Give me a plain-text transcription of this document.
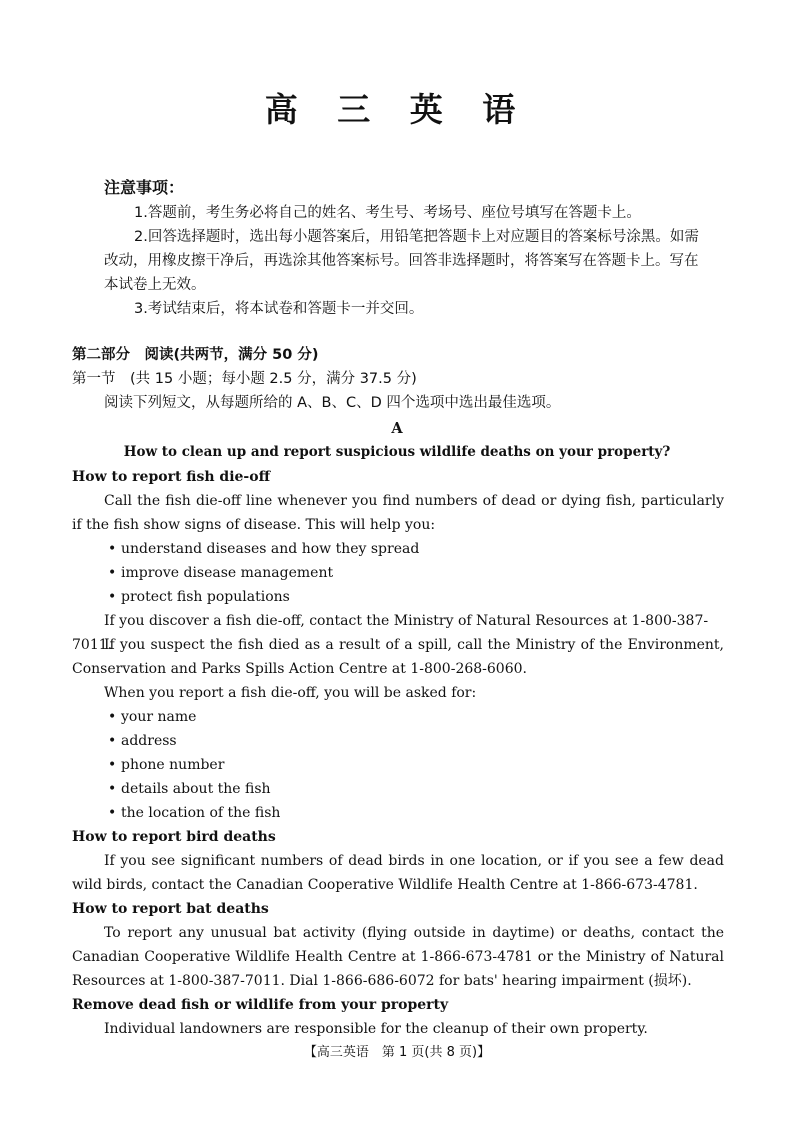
高 三 英 语
注意事项：

1.答题前，考生务必将自己的姓名、考生号、考场号、座位号填写在答题卡上。

2.回答选择题时，选出每小题答案后，用铅笔把答题卡上对应题目的答案标号涂黑。如需改动，用橡皮擦干净后，再选涂其他答案标号。回答非选择题时，将答案写在答题卡上。写在本试卷上无效。

3.考试结束后，将本试卷和答题卡一并交回。

第二部分　阅读(共两节，满分 50 分)
第一节　(共 15 小题；每小题 2.5 分，满分 37.5 分)
阅读下列短文，从每题所给的 A、B、C、D 四个选项中选出最佳选项。
A
How to clean up and report suspicious wildlife deaths on your property?
How to report fish die-off
Call the fish die-off line whenever you find numbers of dead or dying fish, particularly if the fish show signs of disease. This will help you:
• understand diseases and how they spread
• improve disease management
• protect fish populations
If you discover a fish die-off, contact the Ministry of Natural Resources at 1-800-387-7011.
If you suspect the fish died as a result of a spill, call the Ministry of the Environment, Conservation and Parks Spills Action Centre at 1-800-268-6060.
When you report a fish die-off, you will be asked for:
• your name
• address
• phone number
• details about the fish
• the location of the fish
How to report bird deaths
If you see significant numbers of dead birds in one location, or if you see a few dead wild birds, contact the Canadian Cooperative Wildlife Health Centre at 1-866-673-4781.
How to report bat deaths
To report any unusual bat activity (flying outside in daytime) or deaths, contact the Canadian Cooperative Wildlife Health Centre at 1-866-673-4781 or the Ministry of Natural Resources at 1-800-387-7011. Dial 1-866-686-6072 for bats' hearing impairment (损坏).
Remove dead fish or wildlife from your property
Individual landowners are responsible for the cleanup of their own property.
【高三英语　第 1 页(共 8 页)】
